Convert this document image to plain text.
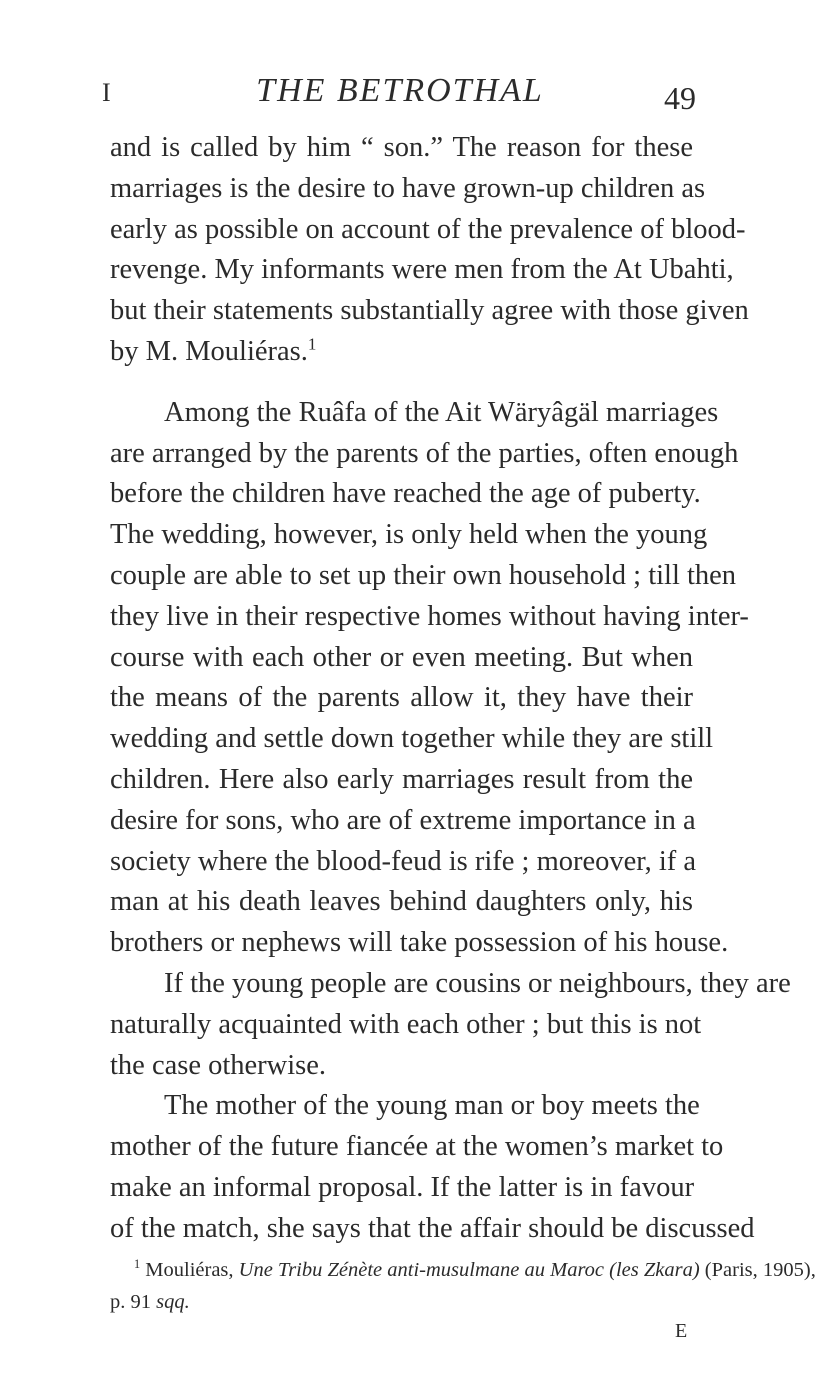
I	THE BETROTHAL	49
and is called by him “ son.” The reason for these
marriages is the desire to have grown-up children as
early as possible on account of the prevalence of blood-
revenge. My informants were men from the At Ubahti,
but their statements substantially agree with those given
by M. Mouliéras.$^1$
Among the Ruâfa of the Ait Wäryâgäl marriages
are arranged by the parents of the parties, often enough
before the children have reached the age of puberty.
The wedding, however, is only held when the young
couple are able to set up their own household ; till then
they live in their respective homes without having inter-
course with each other or even meeting. But when
the means of the parents allow it, they have their
wedding and settle down together while they are still
children. Here also early marriages result from the
desire for sons, who are of extreme importance in a
society where the blood-feud is rife ; moreover, if a
man at his death leaves behind daughters only, his
brothers or nephews will take possession of his house.
If the young people are cousins or neighbours, they are
naturally acquainted with each other ; but this is not
the case otherwise.
The mother of the young man or boy meets the
mother of the future fiancée at the women’s market to
make an informal proposal. If the latter is in favour
of the match, she says that the affair should be discussed
$^1$ Mouliéras, Une Tribu Zénète anti-musulmane au Maroc (les Zkara) (Paris, 1905),
p. 91 sqq.
E
